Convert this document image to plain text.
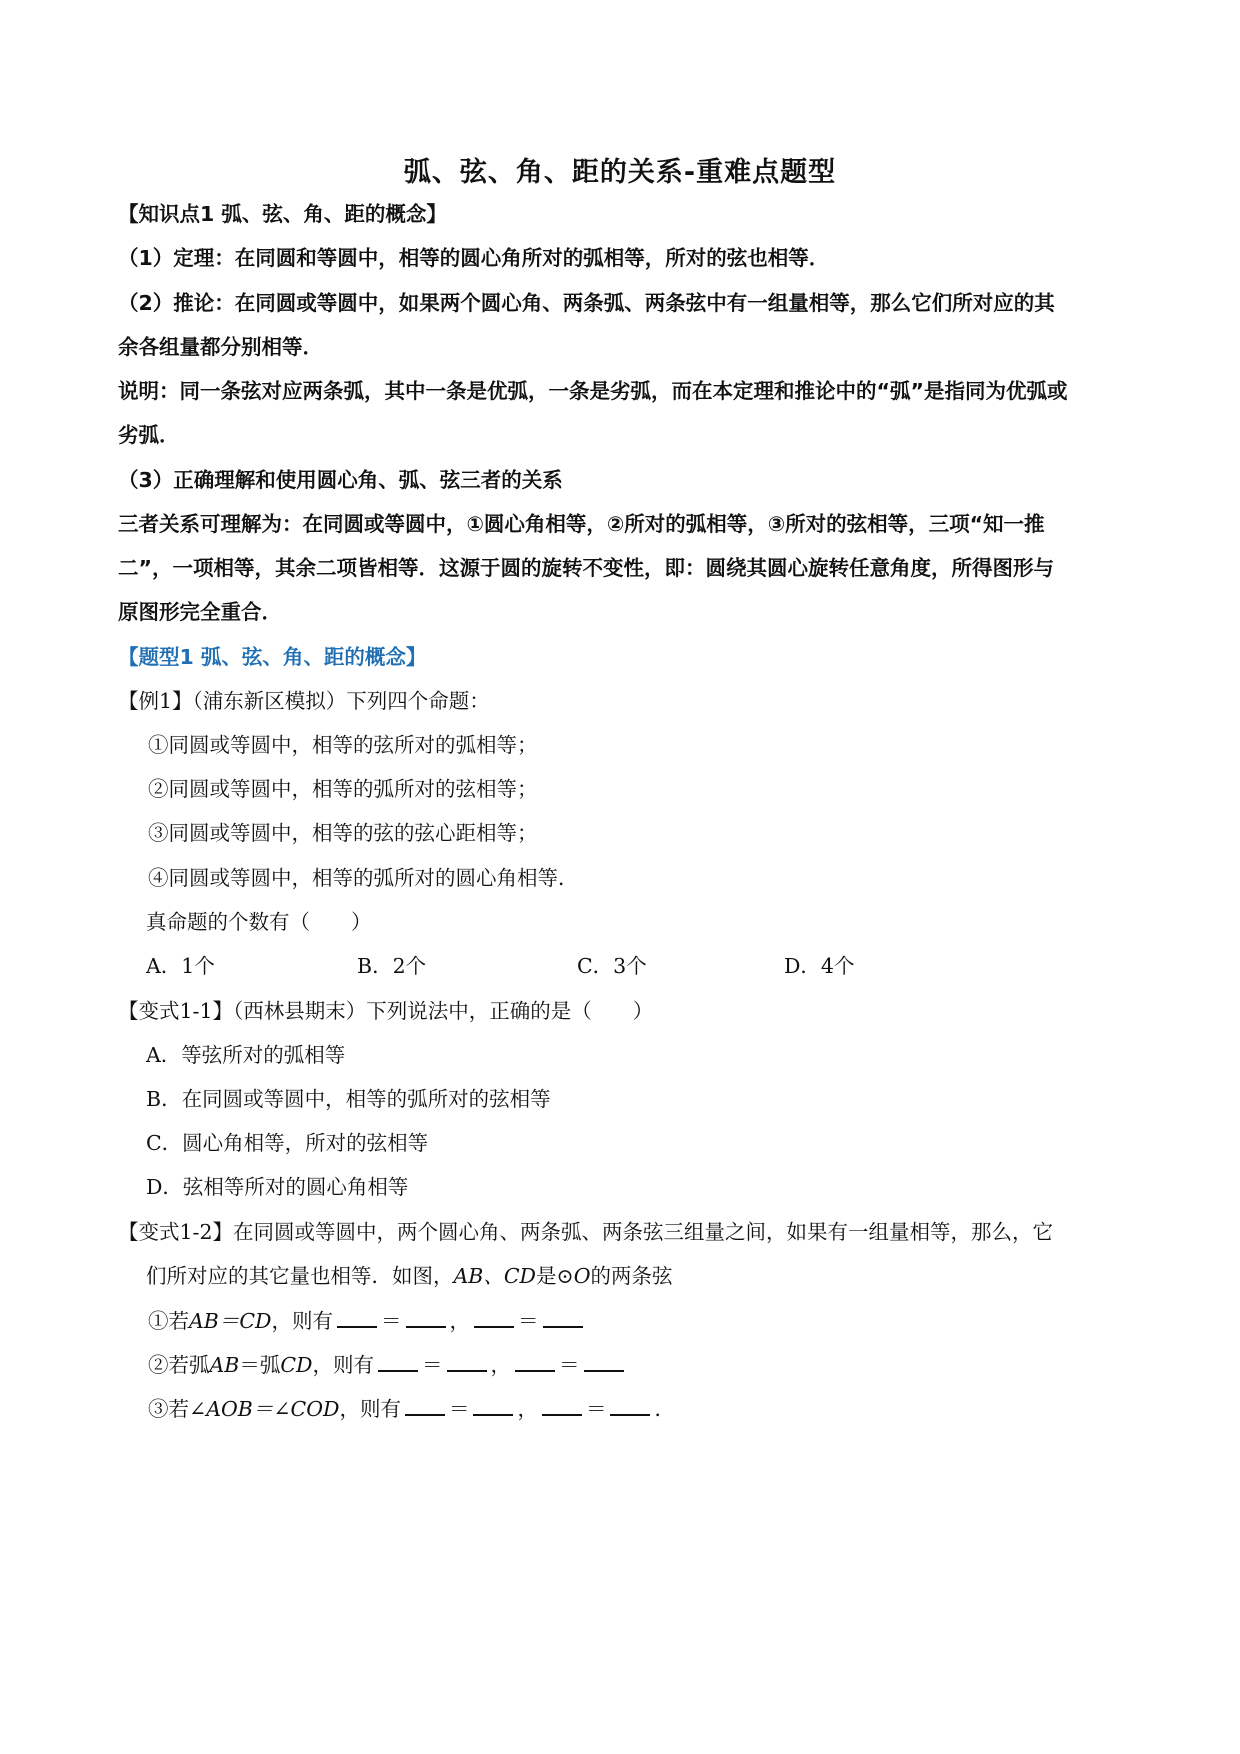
弧、弦、角、距的关系-重难点题型
【知识点1 弧、弦、角、距的概念】
（1）定理：在同圆和等圆中，相等的圆心角所对的弧相等，所对的弦也相等．
（2）推论：在同圆或等圆中，如果两个圆心角、两条弧、两条弦中有一组量相等，那么它们所对应的其
余各组量都分别相等．
说明：同一条弦对应两条弧，其中一条是优弧，一条是劣弧，而在本定理和推论中的“弧”是指同为优弧或
劣弧．
（3）正确理解和使用圆心角、弧、弦三者的关系
三者关系可理解为：在同圆或等圆中，①圆心角相等，②所对的弧相等，③所对的弦相等，三项“知一推
二”，一项相等，其余二项皆相等．这源于圆的旋转不变性，即：圆绕其圆心旋转任意角度，所得图形与
原图形完全重合．
【题型1 弧、弦、角、距的概念】
【例1】（浦东新区模拟）下列四个命题：
①同圆或等圆中，相等的弦所对的弧相等；
②同圆或等圆中，相等的弧所对的弦相等；
③同圆或等圆中，相等的弦的弦心距相等；
④同圆或等圆中，相等的弧所对的圆心角相等．
真命题的个数有（　　）
A．1个	B．2个	C．3个	D．4个
【变式1-1】（西林县期末）下列说法中，正确的是（　　）
A．等弦所对的弧相等
B．在同圆或等圆中，相等的弧所对的弦相等
C．圆心角相等，所对的弦相等
D．弦相等所对的圆心角相等
【变式1-2】在同圆或等圆中，两个圆心角、两条弧、两条弦三组量之间，如果有一组量相等，那么，它
们所对应的其它量也相等．如图，AB、CD是⊙O的两条弦
①若AB＝CD，则有 ＝ ， ＝
②若弧AB＝弧CD，则有 ＝ ， ＝
③若∠AOB＝∠COD，则有 ＝ ， ＝ ．
